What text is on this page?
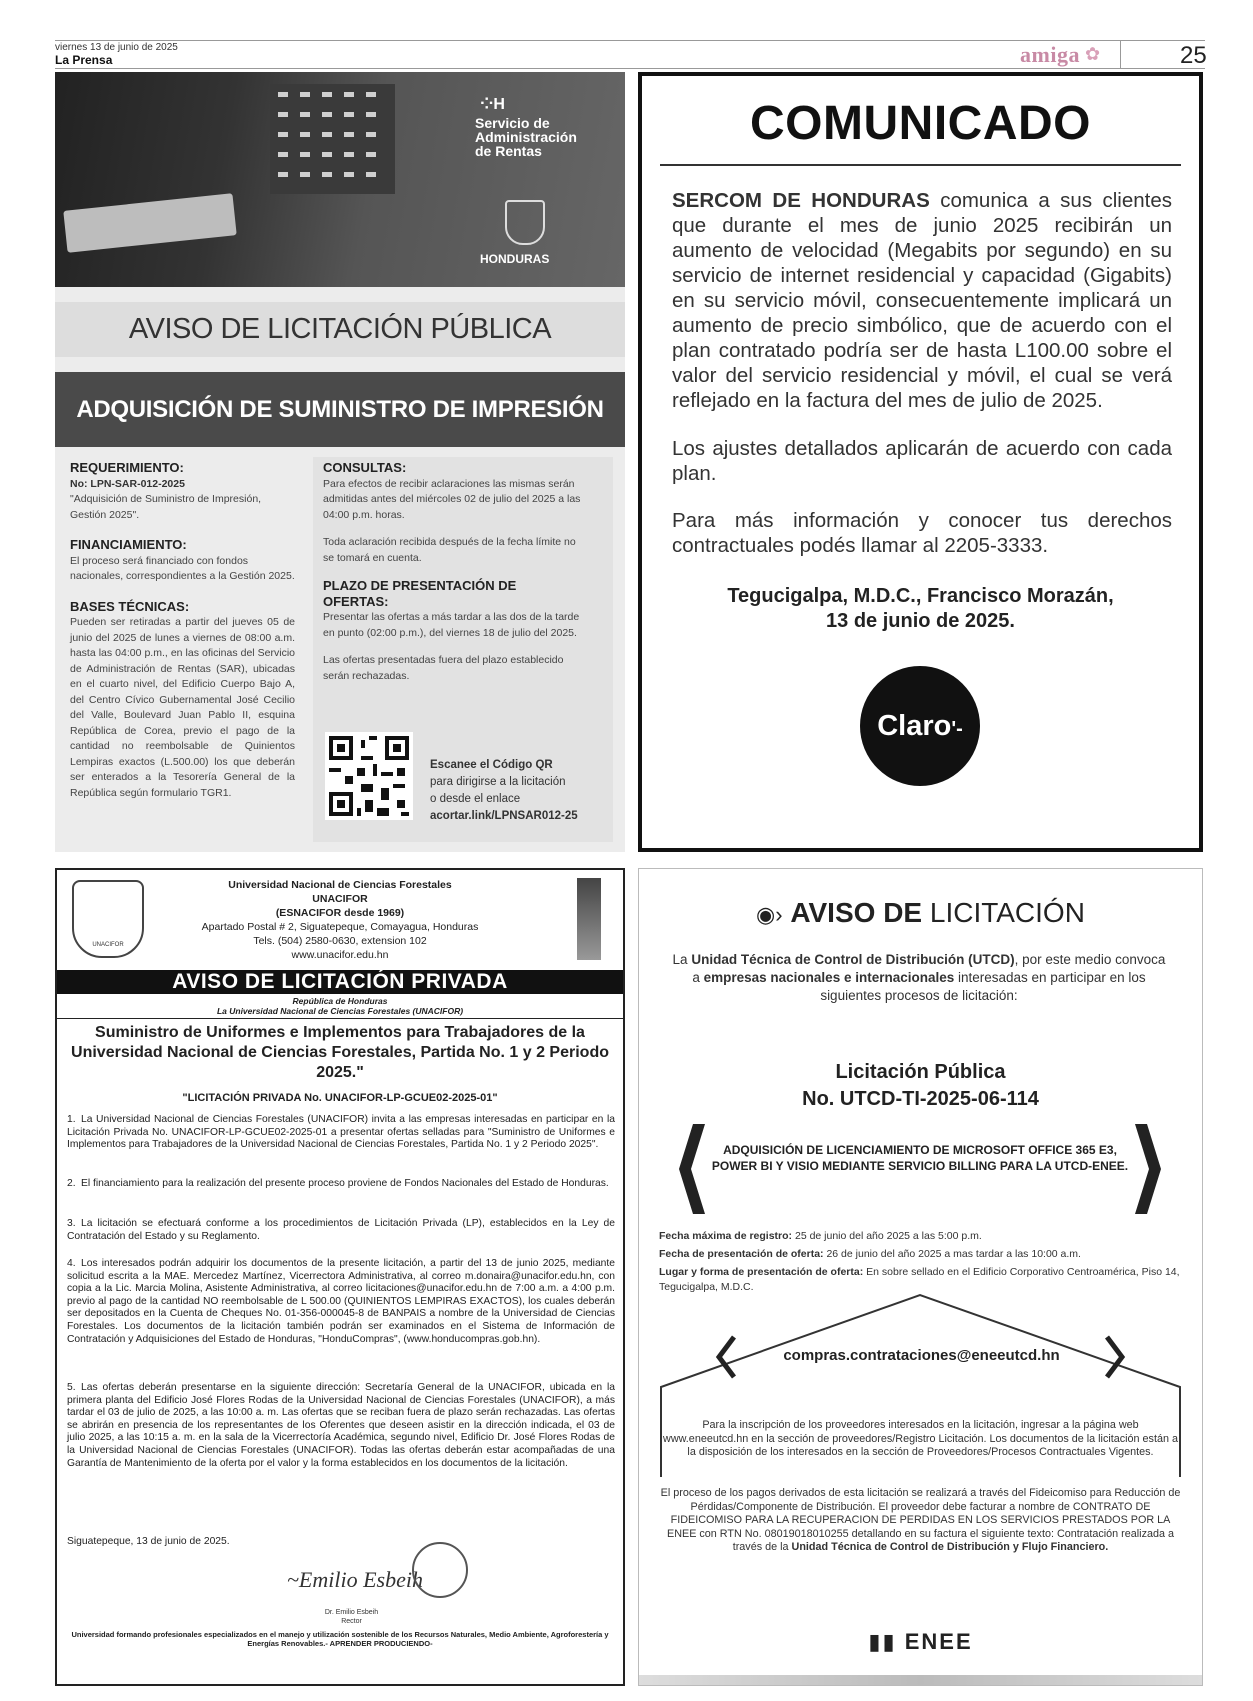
viernes 13 de junio de 2025
La Prensa	amiga ✿	25
⁘H
Servicio de
Administración
de Rentas
HONDURAS
AVISO DE LICITACIÓN PÚBLICA
ADQUISICIÓN DE SUMINISTRO DE IMPRESIÓN
REQUERIMIENTO:
No: LPN-SAR-012-2025
"Adquisición de Suministro de Impresión, Gestión 2025".
FINANCIAMIENTO:
El proceso será financiado con fondos nacionales, correspondientes a la Gestión 2025.
BASES TÉCNICAS:
Pueden ser retiradas a partir del jueves 05 de junio del 2025 de lunes a viernes de 08:00 a.m. hasta las 04:00 p.m., en las oficinas del Servicio de Administración de Rentas (SAR), ubicadas en el cuarto nivel, del Edificio Cuerpo Bajo A, del Centro Cívico Gubernamental José Cecilio del Valle, Boulevard Juan Pablo II, esquina República de Corea, previo el pago de la cantidad no reembolsable de Quinientos Lempiras exactos (L.500.00) los que deberán ser enterados a la Tesorería General de la República según formulario TGR1.
CONSULTAS:
Para efectos de recibir aclaraciones las mismas serán admitidas antes del miércoles 02 de julio del 2025 a las 04:00 p.m. horas.
Toda aclaración recibida después de la fecha límite no se tomará en cuenta.
PLAZO DE PRESENTACIÓN DE OFERTAS:
Presentar las ofertas a más tardar a las dos de la tarde en punto (02:00 p.m.), del viernes 18 de julio del 2025.
Las ofertas presentadas fuera del plazo establecido serán rechazadas.
Escanee el Código QR
para dirigirse a la licitación
o desde el enlace
acortar.link/LPNSAR012-25
COMUNICADO
SERCOM DE HONDURAS comunica a sus clientes que durante el mes de junio 2025 recibirán un aumento de velocidad (Megabits por segundo) en su servicio de internet residencial y capacidad (Gigabits) en su servicio móvil, consecuentemente implicará un aumento de precio simbólico, que de acuerdo con el plan contratado podría ser de hasta L100.00 sobre el valor del servicio residencial y móvil, el cual se verá reflejado en la factura del mes de julio de 2025.
Los ajustes detallados aplicarán de acuerdo con cada plan.
Para más información y conocer tus derechos contractuales podés llamar al 2205-3333.
Tegucigalpa, M.D.C., Francisco Morazán,
13 de junio de 2025.
Claro'-
UNACIFOR
Universidad Nacional de Ciencias Forestales
UNACIFOR
(ESNACIFOR desde 1969)
Apartado Postal # 2, Siguatepeque, Comayagua, Honduras
Tels. (504) 2580-0630, extension 102
www.unacifor.edu.hn
AVISO DE LICITACIÓN PRIVADA
República de Honduras
La Universidad Nacional de Ciencias Forestales (UNACIFOR)
Suministro de Uniformes e Implementos para Trabajadores de la Universidad Nacional de Ciencias Forestales, Partida No. 1 y 2 Periodo 2025."
"LICITACIÓN PRIVADA No. UNACIFOR-LP-GCUE02-2025-01"
1. La Universidad Nacional de Ciencias Forestales (UNACIFOR) invita a las empresas interesadas en participar en la Licitación Privada No. UNACIFOR-LP-GCUE02-2025-01 a presentar ofertas selladas para "Suministro de Uniformes e Implementos para Trabajadores de la Universidad Nacional de Ciencias Forestales, Partida No. 1 y 2 Periodo 2025".
2. El financiamiento para la realización del presente proceso proviene de Fondos Nacionales del Estado de Honduras.
3. La licitación se efectuará conforme a los procedimientos de Licitación Privada (LP), establecidos en la Ley de Contratación del Estado y su Reglamento.
4. Los interesados podrán adquirir los documentos de la presente licitación, a partir del 13 de junio 2025, mediante solicitud escrita a la MAE. Mercedez Martínez, Vicerrectora Administrativa, al correo m.donaira@unacifor.edu.hn, con copia a la Lic. Marcia Molina, Asistente Administrativa, al correo licitaciones@unacifor.edu.hn de 7:00 a.m. a 4:00 p.m. previo al pago de la cantidad NO reembolsable de L 500.00 (QUINIENTOS LEMPIRAS EXACTOS), los cuales deberán ser depositados en la Cuenta de Cheques No. 01-356-000045-8 de BANPAIS a nombre de la Universidad de Ciencias Forestales. Los documentos de la licitación también podrán ser examinados en el Sistema de Información de Contratación y Adquisiciones del Estado de Honduras, "HonduCompras", (www.honducompras.gob.hn).
5. Las ofertas deberán presentarse en la siguiente dirección: Secretaría General de la UNACIFOR, ubicada en la primera planta del Edificio José Flores Rodas de la Universidad Nacional de Ciencias Forestales (UNACIFOR), a más tardar el 03 de julio de 2025, a las 10:00 a. m. Las ofertas que se reciban fuera de plazo serán rechazadas. Las ofertas se abrirán en presencia de los representantes de los Oferentes que deseen asistir en la dirección indicada, el 03 de julio 2025, a las 10:15 a. m. en la sala de la Vicerrectoría Académica, segundo nivel, Edificio Dr. José Flores Rodas de la Universidad Nacional de Ciencias Forestales (UNACIFOR). Todas las ofertas deberán estar acompañadas de una Garantía de Mantenimiento de la oferta por el valor y la forma establecidos en los documentos de la licitación.
Siguatepeque, 13 de junio de 2025.
~Emilio Esbeih
Dr. Emilio Esbeih
Rector
Universidad formando profesionales especializados en el manejo y utilización sostenible de los Recursos Naturales, Medio Ambiente, Agroforestería y Energías Renovables.- APRENDER PRODUCIENDO-
◉› AVISO DE LICITACIÓN
La Unidad Técnica de Control de Distribución (UTCD), por este medio convoca a empresas nacionales e internacionales interesadas en participar en los siguientes procesos de licitación:
Licitación Pública
No. UTCD-TI-2025-06-114
ADQUISICIÓN DE LICENCIAMIENTO DE MICROSOFT OFFICE 365 E3, POWER BI Y VISIO MEDIANTE SERVICIO BILLING PARA LA UTCD-ENEE.
Fecha máxima de registro: 25 de junio del año 2025 a las 5:00 p.m.
Fecha de presentación de oferta: 26 de junio del año 2025 a mas tardar a las 10:00 a.m.
Lugar y forma de presentación de oferta: En sobre sellado en el Edificio Corporativo Centroamérica, Piso 14, Tegucigalpa, M.D.C.
compras.contrataciones@eneeutcd.hn
Para la inscripción de los proveedores interesados en la licitación, ingresar a la página web www.eneeutcd.hn en la sección de proveedores/Registro Licitación. Los documentos de la licitación están a la disposición de los interesados en la sección de Proveedores/Procesos Contractuales Vigentes.
El proceso de los pagos derivados de esta licitación se realizará a través del Fideicomiso para Reducción de Pérdidas/Componente de Distribución. El proveedor debe facturar a nombre de CONTRATO DE FIDEICOMISO PARA LA RECUPERACION DE PERDIDAS EN LOS SERVICIOS PRESTADOS POR LA ENEE con RTN No. 08019018010255 detallando en su factura el siguiente texto: Contratación realizada a través de la Unidad Técnica de Control de Distribución y Flujo Financiero.
▮▮ ENEE
